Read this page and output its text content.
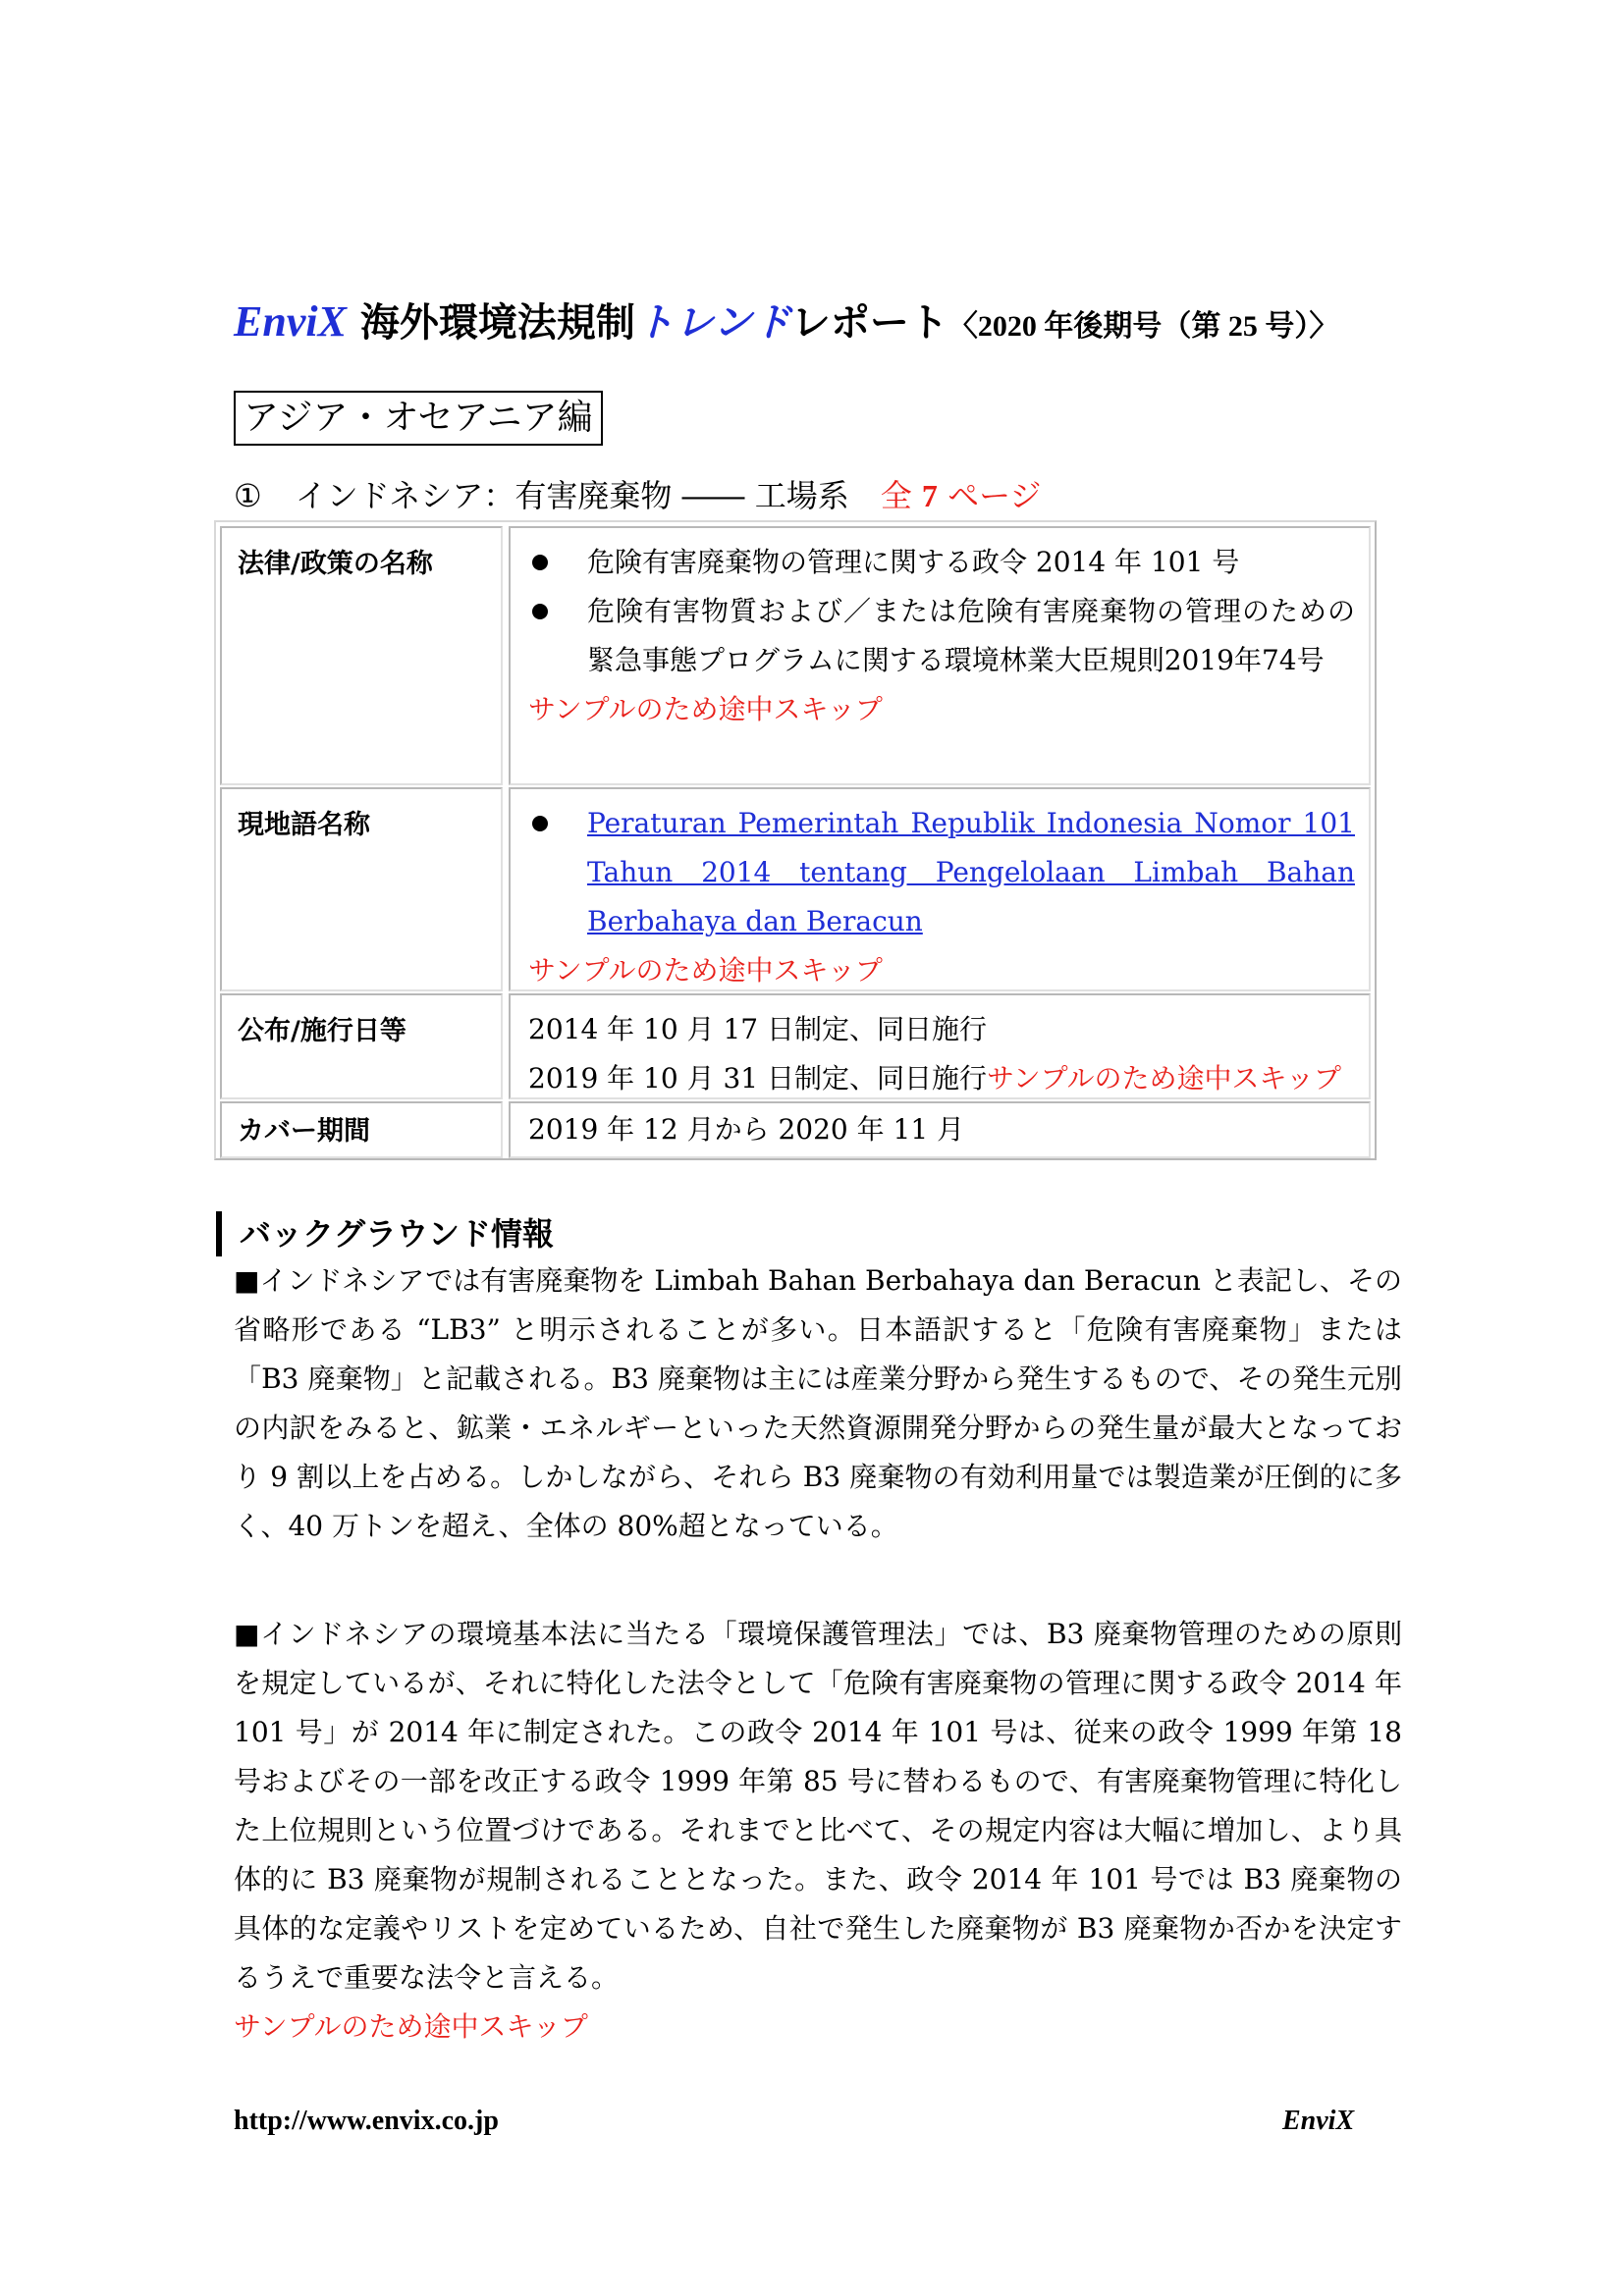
EnviX 海外環境法規制トレンドレポート〈2020 年後期号（第 25 号）〉
アジア・オセアニア編
① インドネシア：有害廃棄物 ―― 工場系 全 7 ページ
法律/政策の名称	危険有害廃棄物の管理に関する政令 2014 年 101 号
危険有害物質および／または危険有害廃棄物の管理のための緊急事態プログラムに関する環境林業大臣規則2019年74号
サンプルのため途中スキップ
現地語名称	Peraturan Pemerintah Republik Indonesia Nomor 101 Tahun 2014 tentang Pengelolaan Limbah Bahan Berbahaya dan Beracun
サンプルのため途中スキップ
公布/施行日等	2014 年 10 月 17 日制定、同日施行
2019 年 10 月 31 日制定、同日施行サンプルのため途中スキップ
カバー期間	2019 年 12 月から 2020 年 11 月
バックグラウンド情報
■インドネシアでは有害廃棄物を Limbah Bahan Berbahaya dan Beracun と表記し、その省略形である “LB3” と明示されることが多い。日本語訳すると「危険有害廃棄物」または「B3 廃棄物」と記載される。B3 廃棄物は主には産業分野から発生するもので、その発生元別の内訳をみると、鉱業・エネルギーといった天然資源開発分野からの発生量が最大となっており 9 割以上を占める。しかしながら、それら B3 廃棄物の有効利用量では製造業が圧倒的に多く、40 万トンを超え、全体の 80%超となっている。
■インドネシアの環境基本法に当たる「環境保護管理法」では、B3 廃棄物管理のための原則を規定しているが、それに特化した法令として「危険有害廃棄物の管理に関する政令 2014 年 101 号」が 2014 年に制定された。この政令 2014 年 101 号は、従来の政令 1999 年第 18 号およびその一部を改正する政令 1999 年第 85 号に替わるもので、有害廃棄物管理に特化した上位規則という位置づけである。それまでと比べて、その規定内容は大幅に増加し、より具体的に B3 廃棄物が規制されることとなった。また、政令 2014 年 101 号では B3 廃棄物の具体的な定義やリストを定めているため、自社で発生した廃棄物が B3 廃棄物か否かを決定するうえで重要な法令と言える。
サンプルのため途中スキップ
http://www.envix.co.jp	EnviX
